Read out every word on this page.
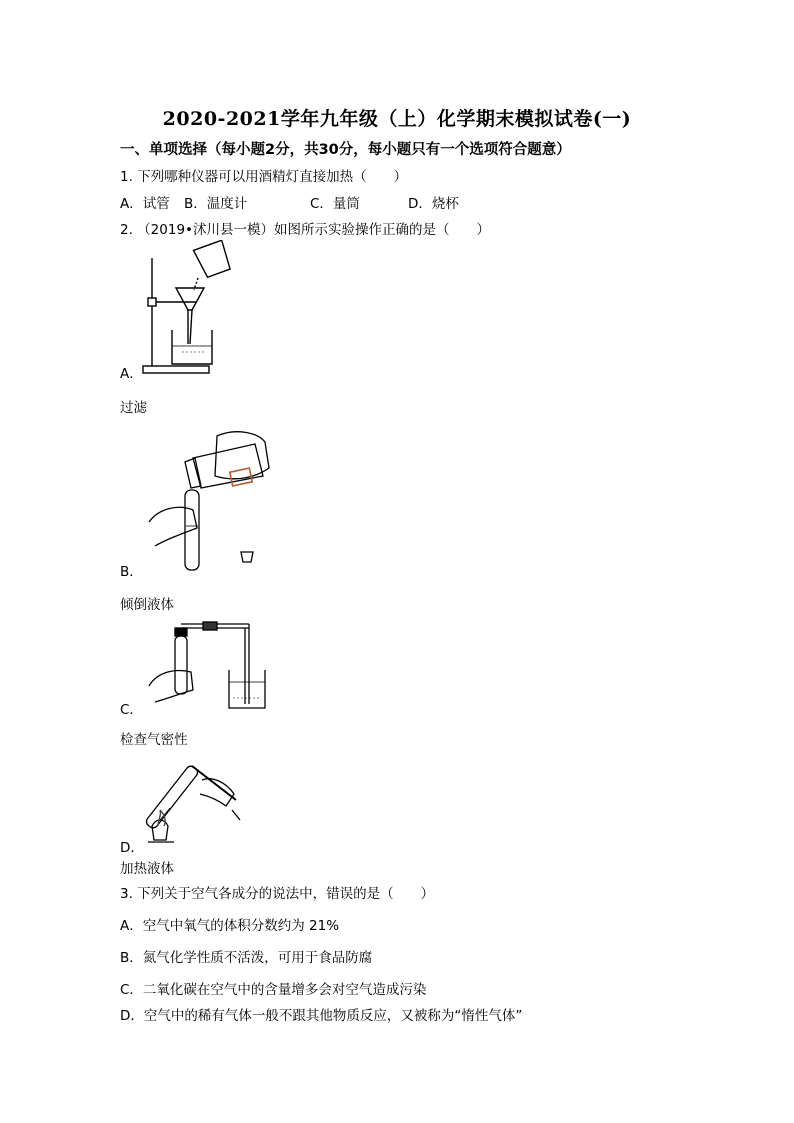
2020-2021学年九年级（上）化学期末模拟试卷(一)
一、单项选择（每小题2分，共30分，每小题只有一个选项符合题意）
1. 下列哪种仪器可以用酒精灯直接加热（　　）
A．试管 B．温度计	C．量筒	D．烧杯
2. （2019•沭川县一模）如图所示实验操作正确的是（　　）
A．
过滤
B．
倾倒液体
C．
检查气密性
D．
加热液体
3. 下列关于空气各成分的说法中，错误的是（　　）
A．空气中氧气的体积分数约为 21%
B．氮气化学性质不活泼，可用于食品防腐
C．二氧化碳在空气中的含量增多会对空气造成污染
D．空气中的稀有气体一般不跟其他物质反应，又被称为“惰性气体”
